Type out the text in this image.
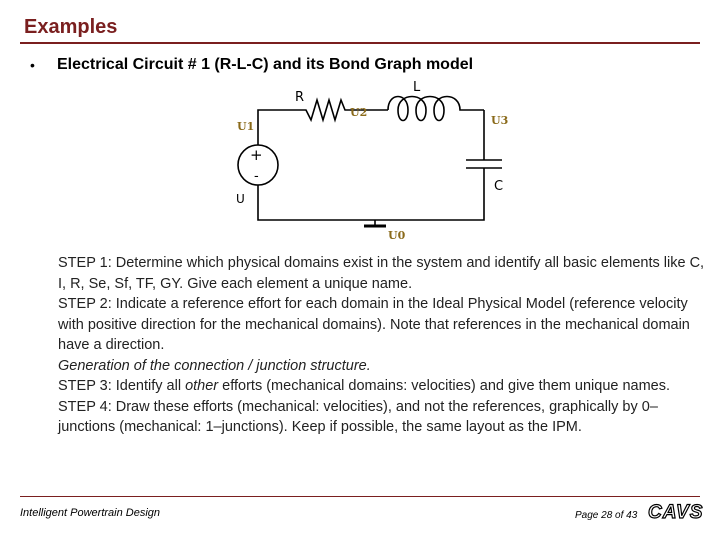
Examples
• Electrical Circuit # 1 (R-L-C) and its Bond Graph model
R
L
C
U
+
-
U1
U2
U3
U0

STEP 1: Determine which physical domains exist in the system and identify all basic elements like C, I, R, Se, Sf, TF, GY. Give each element a unique name.

STEP 2: Indicate a reference effort for each domain in the Ideal Physical Model (reference velocity with positive direction for the mechanical domains). Note that references in the mechanical domain have a direction.

Generation of the connection / junction structure.

STEP 3: Identify all other efforts (mechanical domains: velocities) and give them unique names.

STEP 4: Draw these efforts (mechanical: velocities), and not the references, graphically by 0–junctions (mechanical: 1–junctions). Keep if possible, the same layout as the IPM.

Intelligent Powertrain Design	Page 28 of 43 CAVS
